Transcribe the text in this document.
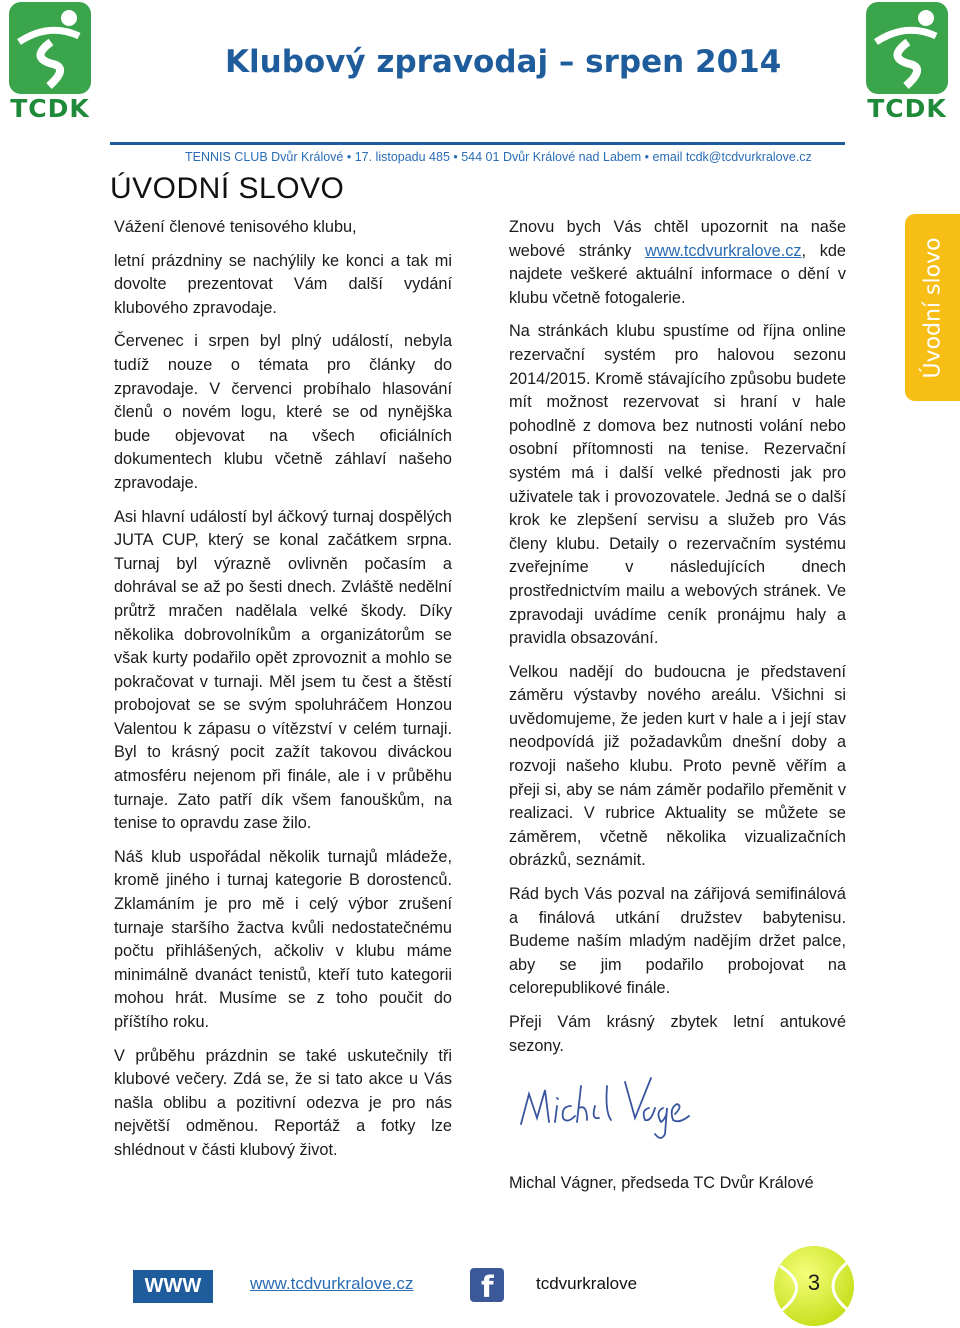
TCDK
Klubový zpravodaj – srpen 2014
TCDK
TENNIS CLUB Dvůr Králové • 17. listopadu 485 • 544 01 Dvůr Králové nad Labem • email tcdk@tcdvurkralove.cz
ÚVODNÍ SLOVO
Úvodní slovo

Vážení členové tenisového klubu,

letní prázdniny se nachýlily ke konci a tak mi dovolte prezentovat Vám další vydání klubového zpravodaje.

Červenec i srpen byl plný událostí, nebyla tudíž nouze o témata pro články do zpravodaje. V červenci probíhalo hlasování členů o novém logu, které se od nynějška bude objevovat na všech oficiálních dokumentech klubu včetně záhlaví našeho zpravodaje.

Asi hlavní událostí byl áčkový turnaj dospělých JUTA CUP, který se konal začátkem srpna. Turnaj byl výrazně ovlivněn počasím a dohrával se až po šesti dnech. Zvláště nedělní průtrž mračen nadělala velké škody. Díky několika dobrovolníkům a organizátorům se však kurty podařilo opět zprovoznit a mohlo se pokračovat v turnaji. Měl jsem tu čest a štěstí probojovat se se svým spoluhráčem Honzou Valentou k zápasu o vítězství v celém turnaji. Byl to krásný pocit zažít takovou diváckou atmosféru nejenom při finále, ale i v průběhu turnaje. Zato patří dík všem fanouškům, na tenise to opravdu zase žilo.

Náš klub uspořádal několik turnajů mládeže, kromě jiného i turnaj kategorie B dorostenců. Zklamáním je pro mě i celý výbor zrušení turnaje staršího žactva kvůli nedostatečnému počtu přihlášených, ačkoliv v klubu máme minimálně dvanáct tenistů, kteří tuto kategorii mohou hrát. Musíme se z toho poučit do příštího roku.

V průběhu prázdnin se také uskutečnily tři klubové večery. Zdá se, že si tato akce u Vás našla oblibu a pozitivní odezva je pro nás největší odměnou. Reportáž a fotky lze shlédnout v části klubový život.

Znovu bych Vás chtěl upozornit na naše webové stránky www.tcdvurkralove.cz, kde najdete veškeré aktuální informace o dění v klubu včetně fotogalerie.

Na stránkách klubu spustíme od října online rezervační systém pro halovou sezonu 2014/2015. Kromě stávajícího způsobu budete mít možnost rezervovat si hraní v hale pohodlně z domova bez nutnosti volání nebo osobní přítomnosti na tenise. Rezervační systém má i další velké přednosti jak pro uživatele tak i provozovatele. Jedná se o další krok ke zlepšení servisu a služeb pro Vás členy klubu. Detaily o rezervačním systému zveřejníme v následujících dnech prostřednictvím mailu a webových stránek. Ve zpravodaji uvádíme ceník pronájmu haly a pravidla obsazování.

Velkou nadějí do budoucna je představení záměru výstavby nového areálu. Všichni si uvědomujeme, že jeden kurt v hale a i její stav neodpovídá již požadavkům dnešní doby a rozvoji našeho klubu. Proto pevně věřím a přeji si, aby se nám záměr podařilo přeměnit v realizaci. V rubrice Aktuality se můžete se záměrem, včetně několika vizualizačních obrázků, seznámit.

Rád bych Vás pozval na zářijová semifinálová a finálová utkání družstev babytenisu. Budeme naším mladým nadějím držet palce, aby se jim podařilo probojovat na celorepublikové finále.

Přeji Vám krásný zbytek letní antukové sezony.

Michal Vágner, předseda TC Dvůr Králové

WWW	www.tcdvurkralove.cz f tcdvurkralove	3
